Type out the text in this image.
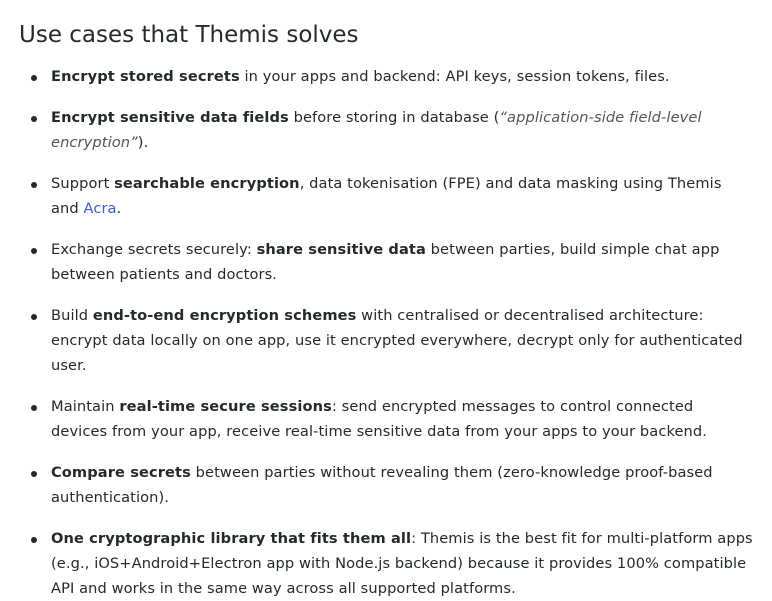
Use cases that Themis solves
Encrypt stored secrets in your apps and backend: API keys, session tokens, files.
Encrypt sensitive data fields before storing in database (“application-side field-level encryption”).
Support searchable encryption, data tokenisation (FPE) and data masking using Themis and Acra.
Exchange secrets securely: share sensitive data between parties, build simple chat app between patients and doctors.
Build end-to-end encryption schemes with centralised or decentralised architecture: encrypt data locally on one app, use it encrypted everywhere, decrypt only for authenticated user.
Maintain real-time secure sessions: send encrypted messages to control connected devices from your app, receive real-time sensitive data from your apps to your backend.
Compare secrets between parties without revealing them (zero-knowledge proof-based authentication).
One cryptographic library that fits them all: Themis is the best fit for multi-platform apps (e.g., iOS+Android+Electron app with Node.js backend) because it provides 100% compatible API and works in the same way across all supported platforms.
